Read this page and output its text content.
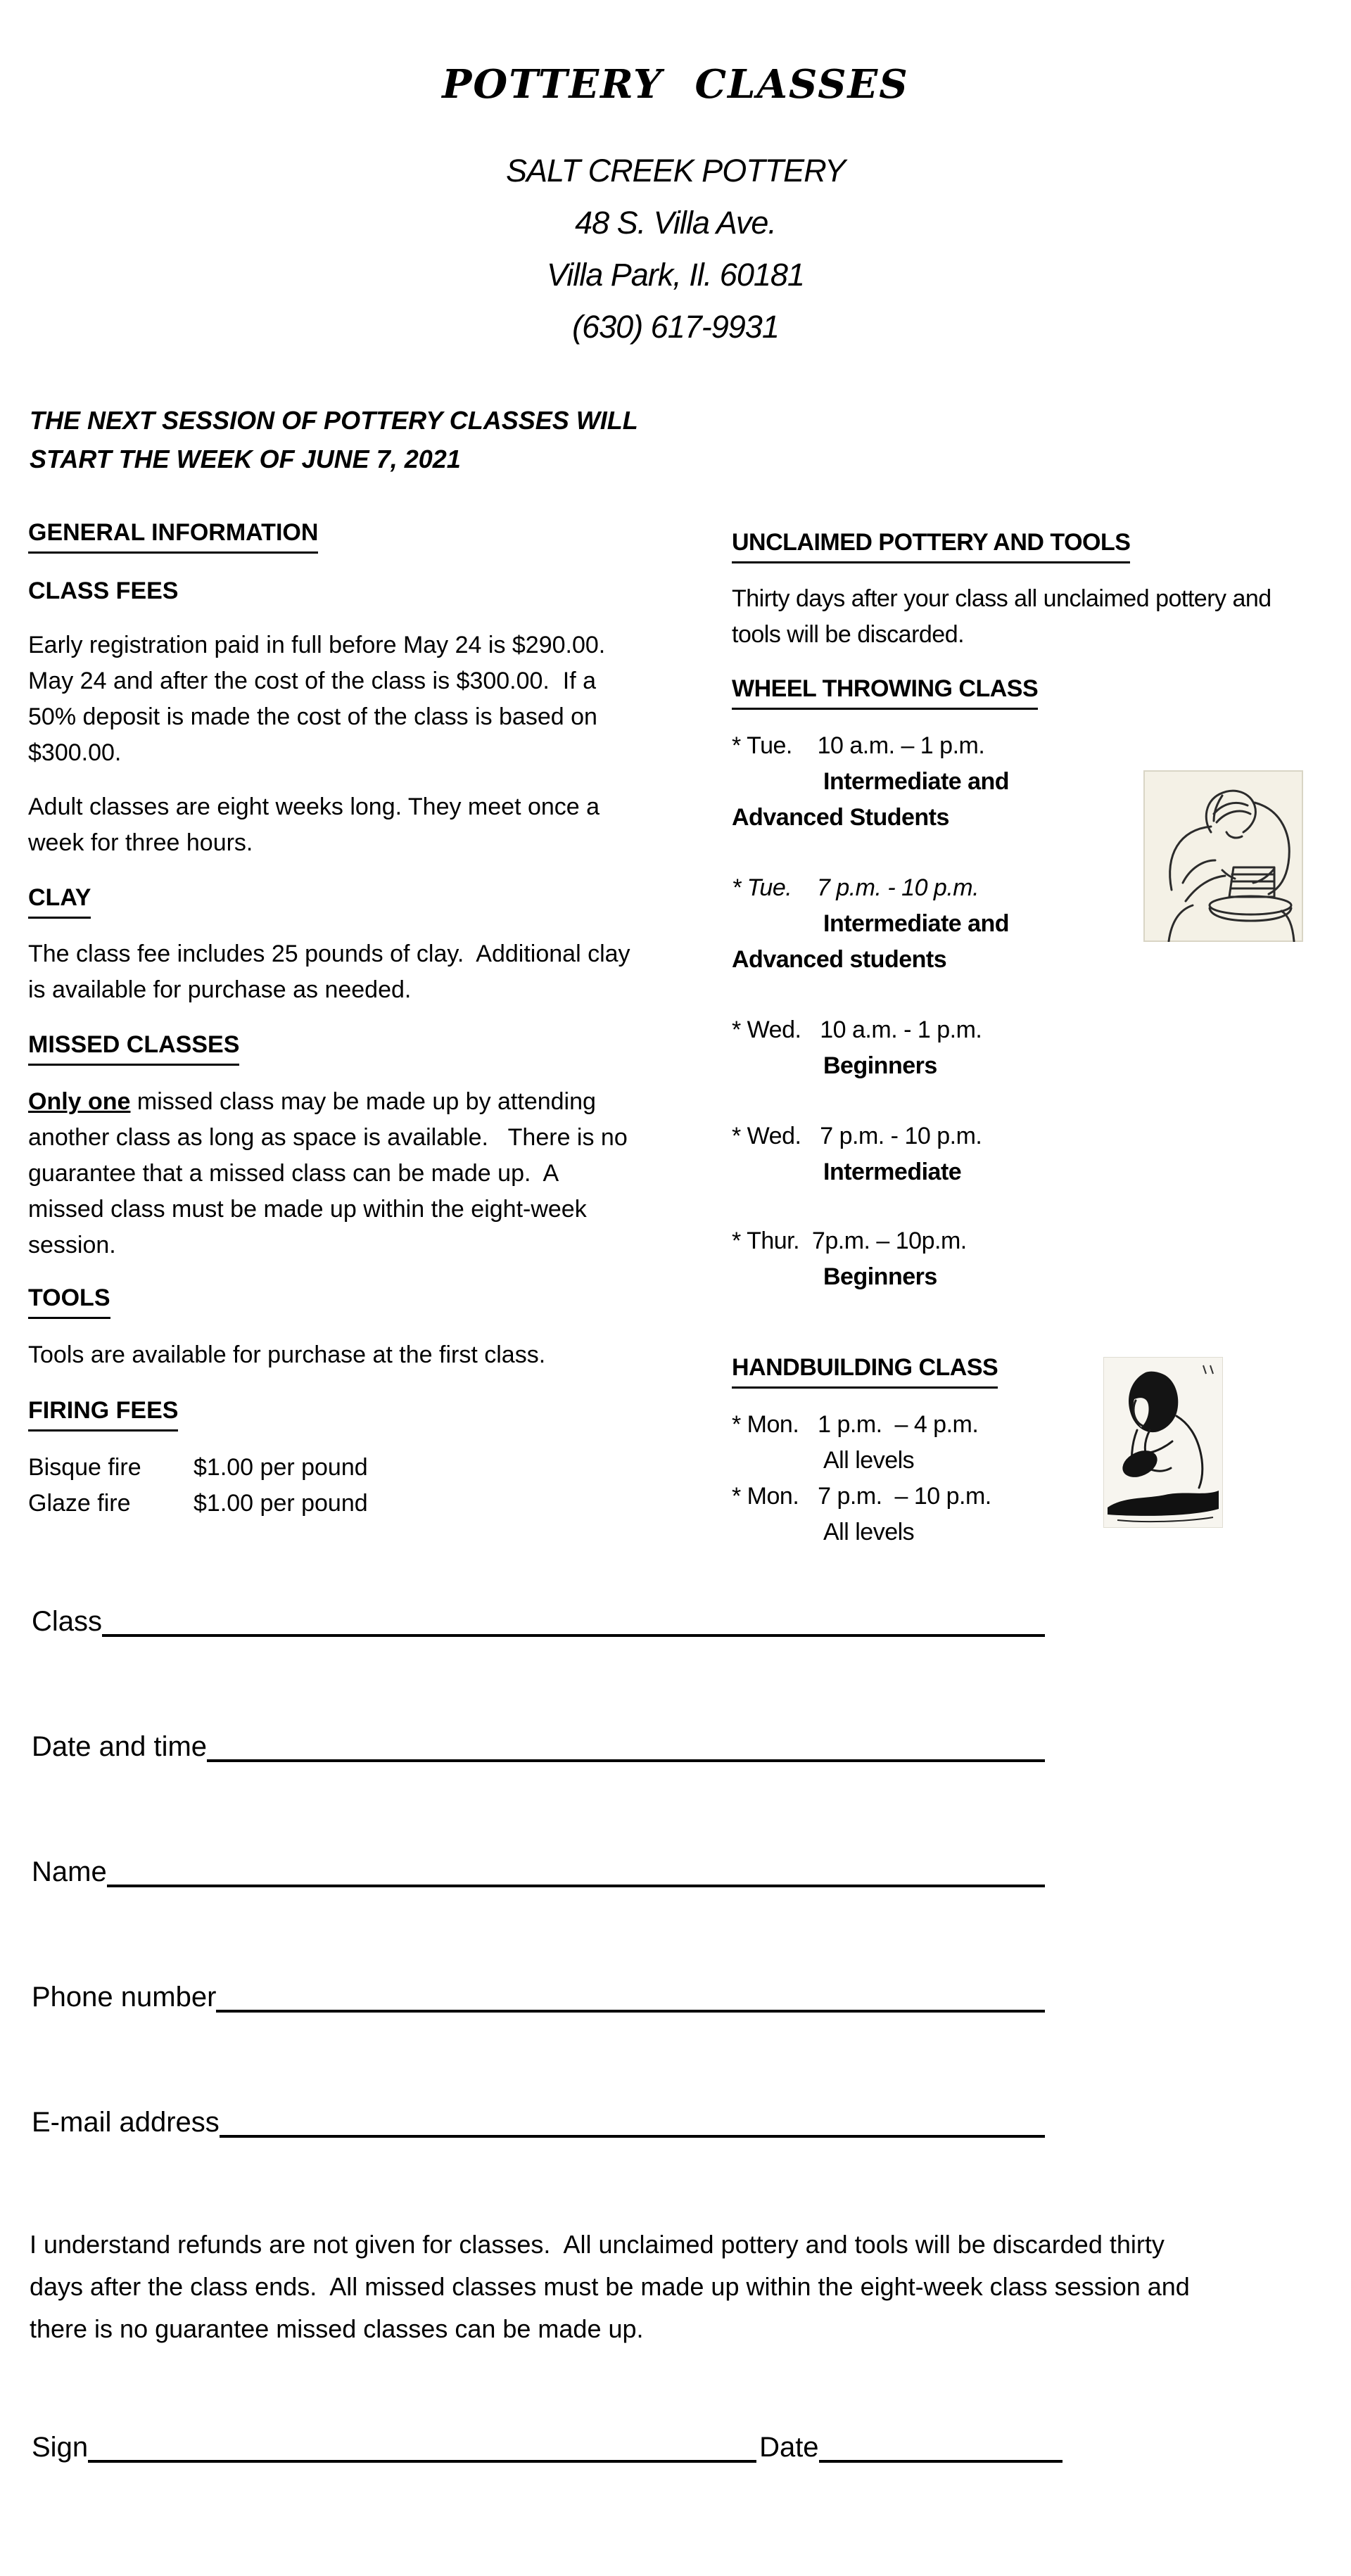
POTTERY CLASSES
SALT CREEK POTTERY
48 S. Villa Ave.
Villa Park, Il. 60181
(630) 617-9931
THE NEXT SESSION OF POTTERY CLASSES WILL
START THE WEEK OF JUNE 7, 2021
GENERAL INFORMATION
CLASS FEES
Early registration paid in full before May 24 is $290.00.
May 24 and after the cost of the class is $300.00.  If a
50% deposit is made the cost of the class is based on
$300.00.
Adult classes are eight weeks long. They meet once a
week for three hours.
CLAY
The class fee includes 25 pounds of clay.  Additional clay
is available for purchase as needed.
MISSED CLASSES
Only one missed class may be made up by attending
another class as long as space is available.   There is no
guarantee that a missed class can be made up.  A
missed class must be made up within the eight-week
session.
TOOLS
Tools are available for purchase at the first class.
FIRING FEES
Bisque fire	$1.00 per pound
Glaze fire	$1.00 per pound
UNCLAIMED POTTERY AND TOOLS
Thirty days after your class all unclaimed pottery and
tools will be discarded.
WHEEL THROWING CLASS
* Tue.    10 a.m. – 1 p.m.
Intermediate and
Advanced Students
* Tue.    7 p.m. - 10 p.m.
Intermediate and
Advanced students
* Wed.   10 a.m. - 1 p.m.
Beginners
* Wed.   7 p.m. - 10 p.m.
Intermediate
* Thur.  7p.m. – 10p.m.
Beginners
HANDBUILDING CLASS
* Mon.   1 p.m.  – 4 p.m.
All levels
* Mon.   7 p.m.  – 10 p.m.
All levels
Class
Date and time
Name
Phone number
E-mail address
I understand refunds are not given for classes.  All unclaimed pottery and tools will be discarded thirty
days after the class ends.  All missed classes must be made up within the eight-week class session and
there is no guarantee missed classes can be made up.
Sign	Date
